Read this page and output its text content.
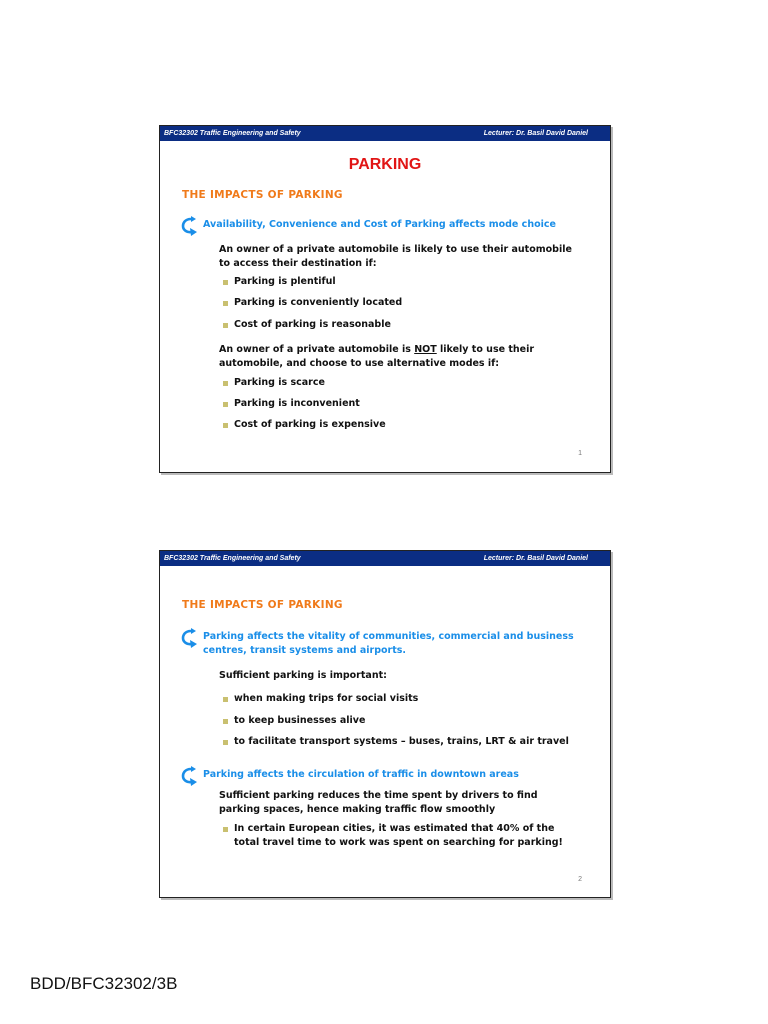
BFC32302 Traffic Engineering and Safety	Lecturer: Dr. Basil David Daniel
PARKING
THE IMPACTS OF PARKING
Availability, Convenience and Cost of Parking affects mode choice
An owner of a private automobile is likely to use their automobile
to access their destination if:
Parking is plentiful
Parking is conveniently located
Cost of parking is reasonable
An owner of a private automobile is NOT likely to use their
automobile, and choose to use alternative modes if:
Parking is scarce
Parking is inconvenient
Cost of parking is expensive
1
BFC32302 Traffic Engineering and Safety	Lecturer: Dr. Basil David Daniel
THE IMPACTS OF PARKING
Parking affects the vitality of communities, commercial and business
centres, transit systems and airports.
Sufficient parking is important:
when making trips for social visits
to keep businesses alive
to facilitate transport systems – buses, trains, LRT & air travel
Parking affects the circulation of traffic in downtown areas
Sufficient parking reduces the time spent by drivers to find
parking spaces, hence making traffic flow smoothly
In certain European cities, it was estimated that 40% of the
total travel time to work was spent on searching for parking!
2
BDD/BFC32302/3B
